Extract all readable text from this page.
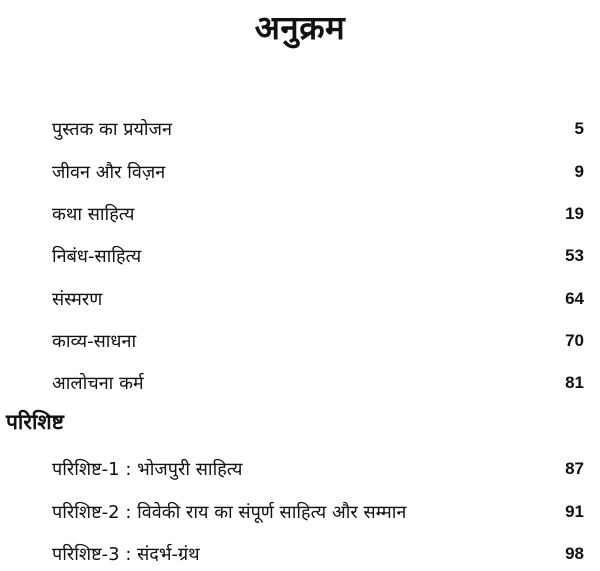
अनुक्रम
पुस्तक का प्रयोजन	5
जीवन और विज़न	9
कथा साहित्य	19
निबंध-साहित्य	53
संस्मरण	64
काव्य-साधना	70
आलोचना कर्म	81
परिशिष्ट
परिशिष्ट-1 : भोजपुरी साहित्य	87
परिशिष्ट-2 : विवेकी राय का संपूर्ण साहित्य और सम्मान	91
परिशिष्ट-3 : संदर्भ-ग्रंथ	98
